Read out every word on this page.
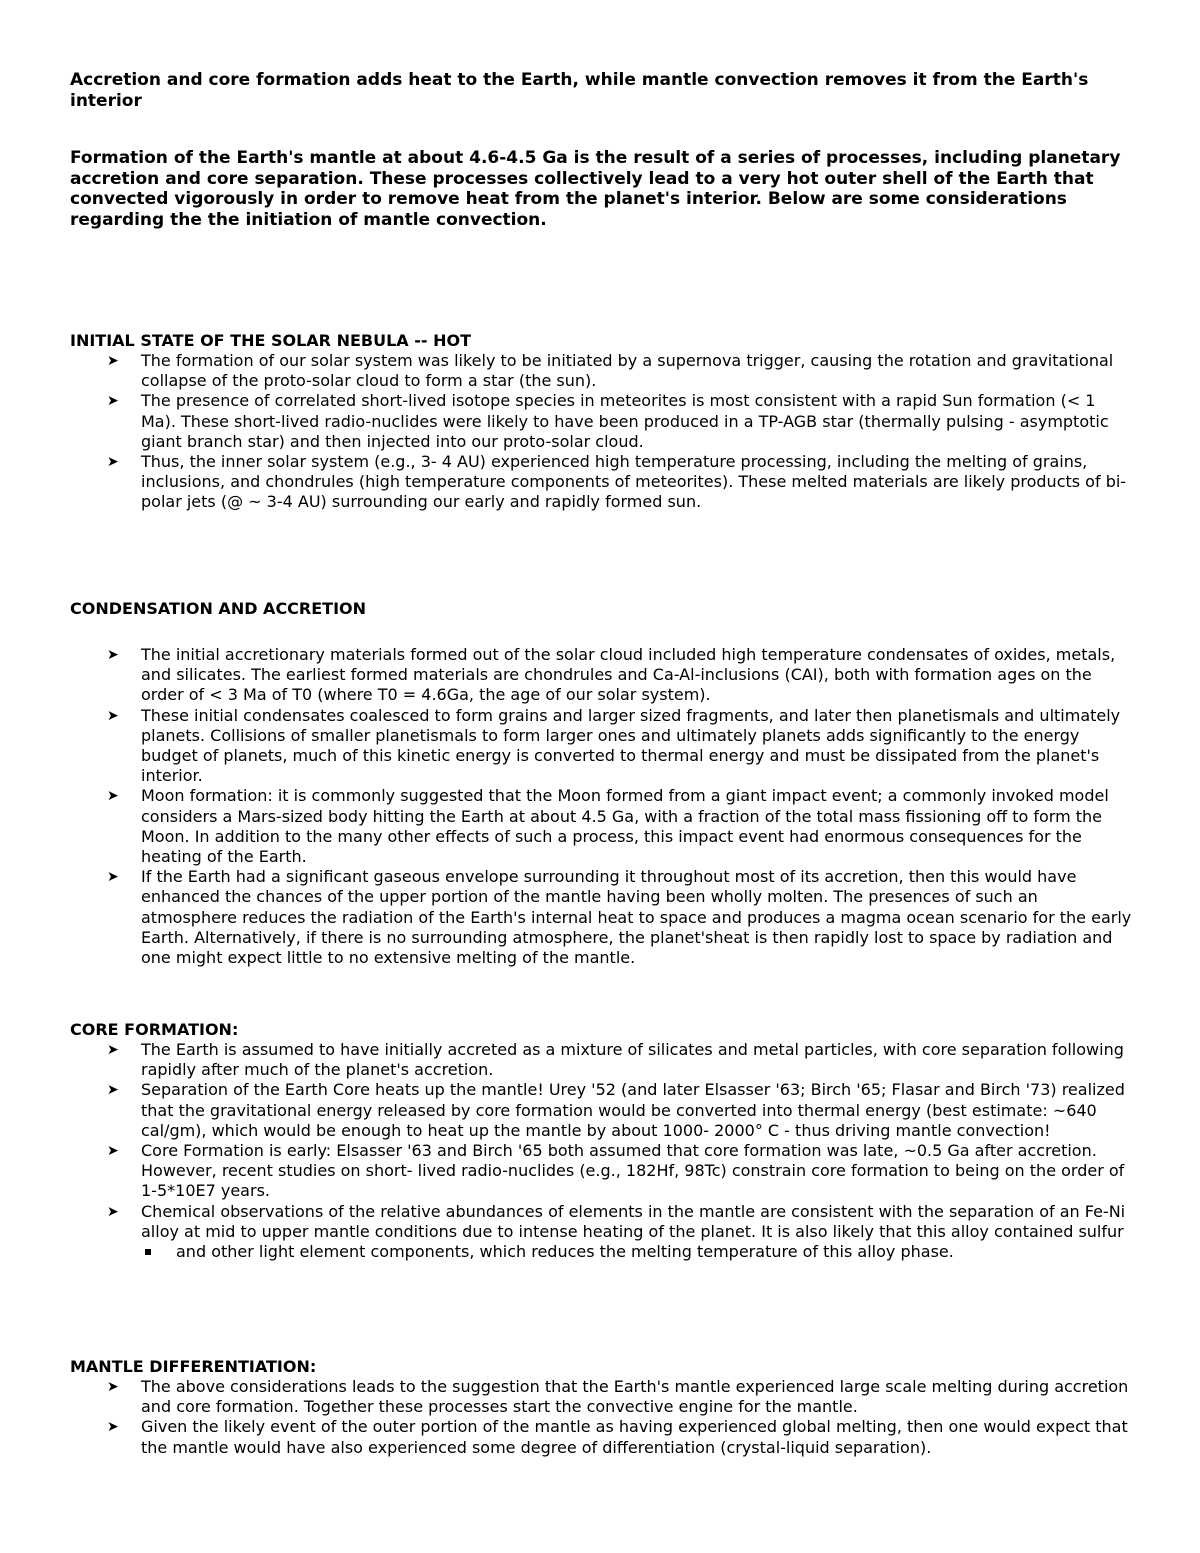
Accretion and core formation adds heat to the Earth, while mantle convection removes it from the Earth's interior

Formation of the Earth's mantle at about 4.6-4.5 Ga is the result of a series of processes, including planetary accretion and core separation. These processes collectively lead to a very hot outer shell of the Earth that convected vigorously in order to remove heat from the planet's interior. Below are some considerations regarding the the initiation of mantle convection.

INITIAL STATE OF THE SOLAR NEBULA -- HOT

➤ The formation of our solar system was likely to be initiated by a supernova trigger, causing the rotation and gravitational collapse of the proto-solar cloud to form a star (the sun).
➤ The presence of correlated short-lived isotope species in meteorites is most consistent with a rapid Sun formation (< 1 Ma). These short-lived radio-nuclides were likely to have been produced in a TP-AGB star (thermally pulsing - asymptotic giant branch star) and then injected into our proto-solar cloud.
➤ Thus, the inner solar system (e.g., 3- 4 AU) experienced high temperature processing, including the melting of grains, inclusions, and chondrules (high temperature components of meteorites). These melted materials are likely products of bi-polar jets (@ ~ 3-4 AU) surrounding our early and rapidly formed sun.

CONDENSATION AND ACCRETION

➤ The initial accretionary materials formed out of the solar cloud included high temperature condensates of oxides, metals, and silicates. The earliest formed materials are chondrules and Ca-Al-inclusions (CAI), both with formation ages on the order of < 3 Ma of T0 (where T0 = 4.6Ga, the age of our solar system).
➤ These initial condensates coalesced to form grains and larger sized fragments, and later then planetismals and ultimately planets. Collisions of smaller planetismals to form larger ones and ultimately planets adds significantly to the energy budget of planets, much of this kinetic energy is converted to thermal energy and must be dissipated from the planet's interior.
➤ Moon formation: it is commonly suggested that the Moon formed from a giant impact event; a commonly invoked model considers a Mars-sized body hitting the Earth at about 4.5 Ga, with a fraction of the total mass fissioning off to form the Moon. In addition to the many other effects of such a process, this impact event had enormous consequences for the heating of the Earth.
➤ If the Earth had a significant gaseous envelope surrounding it throughout most of its accretion, then this would have enhanced the chances of the upper portion of the mantle having been wholly molten. The presences of such an atmosphere reduces the radiation of the Earth's internal heat to space and produces a magma ocean scenario for the early Earth. Alternatively, if there is no surrounding atmosphere, the planet'sheat is then rapidly lost to space by radiation and one might expect little to no extensive melting of the mantle.

CORE FORMATION:

➤ The Earth is assumed to have initially accreted as a mixture of silicates and metal particles, with core separation following rapidly after much of the planet's accretion.
➤ Separation of the Earth Core heats up the mantle! Urey '52 (and later Elsasser '63; Birch '65; Flasar and Birch '73) realized that the gravitational energy released by core formation would be converted into thermal energy (best estimate: ~640 cal/gm), which would be enough to heat up the mantle by about 1000- 2000° C - thus driving mantle convection!
➤ Core Formation is early: Elsasser '63 and Birch '65 both assumed that core formation was late, ~0.5 Ga after accretion. However, recent studies on short- lived radio-nuclides (e.g., 182Hf, 98Tc) constrain core formation to being on the order of 1-5*10E7 years.
➤ Chemical observations of the relative abundances of elements in the mantle are consistent with the separation of an Fe-Ni alloy at mid to upper mantle conditions due to intense heating of the planet. It is also likely that this alloy contained sulfur
and other light element components, which reduces the melting temperature of this alloy phase.

MANTLE DIFFERENTIATION:

➤ The above considerations leads to the suggestion that the Earth's mantle experienced large scale melting during accretion and core formation. Together these processes start the convective engine for the mantle.
➤ Given the likely event of the outer portion of the mantle as having experienced global melting, then one would expect that the mantle would have also experienced some degree of differentiation (crystal-liquid separation).
